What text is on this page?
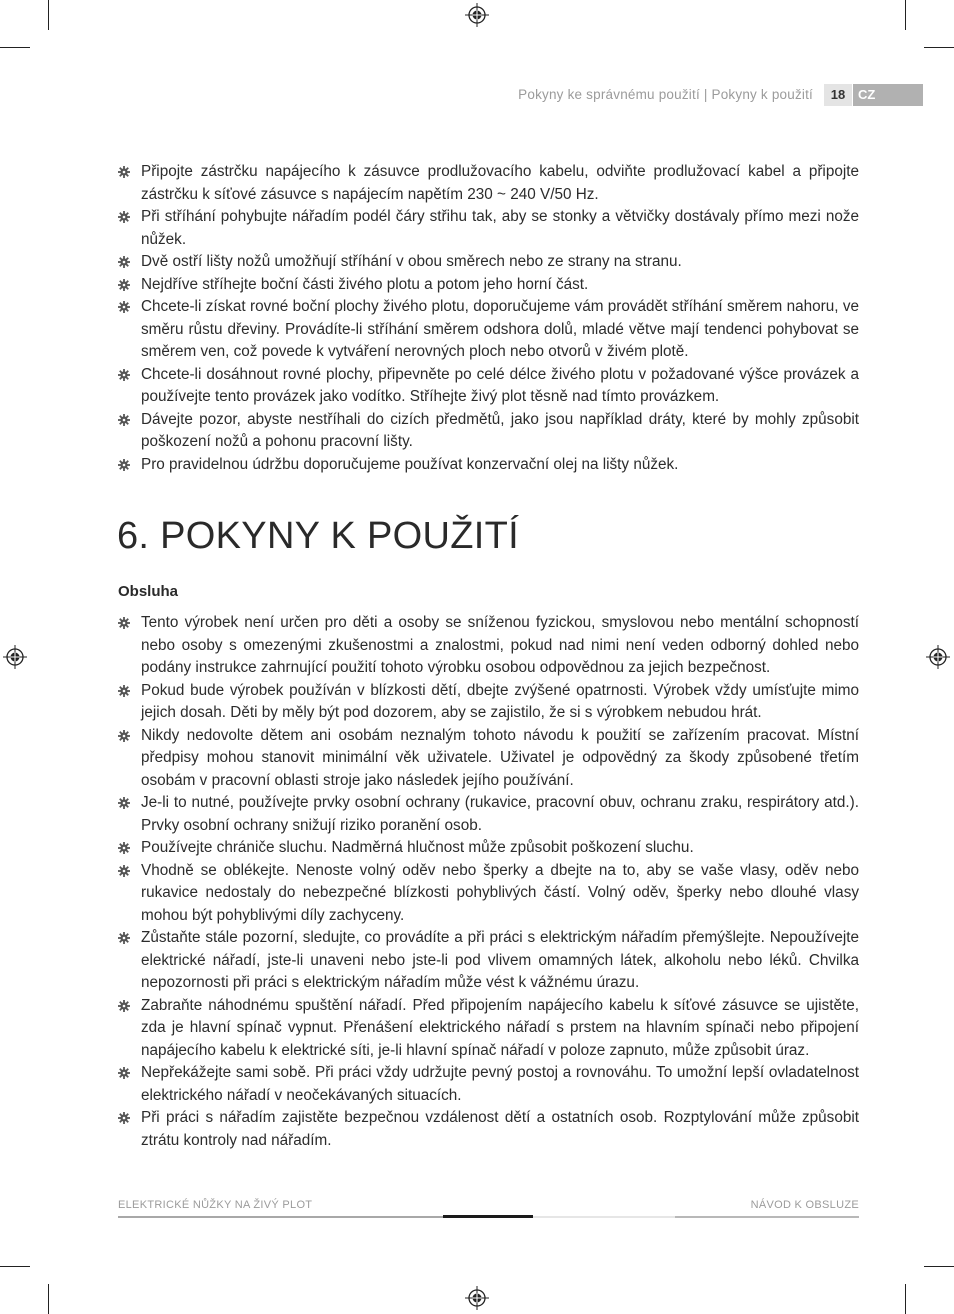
Pokyny ke správnému použití | Pokyny k použití	18 CZ
Připojte zástrčku napájecího k zásuvce prodlužovacího kabelu, odviňte prodlužovací kabel a připojte zástrčku k síťové zásuvce s napájecím napětím 230 ~ 240 V/50 Hz.
Při stříhání pohybujte nářadím podél čáry střihu tak, aby se stonky a větvičky dostávaly přímo mezi nože nůžek.
Dvě ostří lišty nožů umožňují stříhání v obou směrech nebo ze strany na stranu.
Nejdříve stříhejte boční části živého plotu a potom jeho horní část.
Chcete-li získat rovné boční plochy živého plotu, doporučujeme vám provádět stříhání směrem nahoru, ve směru růstu dřeviny. Provádíte-li stříhání směrem odshora dolů, mladé větve mají tendenci pohybovat se směrem ven, což povede k vytváření nerovných ploch nebo otvorů v živém plotě.
Chcete-li dosáhnout rovné plochy, připevněte po celé délce živého plotu v požadované výšce provázek a používejte tento provázek jako vodítko. Stříhejte živý plot těsně nad tímto provázkem.
Dávejte pozor, abyste nestříhali do cizích předmětů, jako jsou například dráty, které by mohly způsobit poškození nožů a pohonu pracovní lišty.
Pro pravidelnou údržbu doporučujeme používat konzervační olej na lišty nůžek.
6. POKYNY K POUŽITÍ
Obsluha
Tento výrobek není určen pro děti a osoby se sníženou fyzickou, smyslovou nebo mentální schopností nebo osoby s omezenými zkušenostmi a znalostmi, pokud nad nimi není veden odborný dohled nebo podány instrukce zahrnující použití tohoto výrobku osobou odpovědnou za jejich bezpečnost.
Pokud bude výrobek používán v blízkosti dětí, dbejte zvýšené opatrnosti. Výrobek vždy umísťujte mimo jejich dosah. Děti by měly být pod dozorem, aby se zajistilo, že si s výrobkem nebudou hrát.
Nikdy nedovolte dětem ani osobám neznalým tohoto návodu k použití se zařízením pracovat. Místní předpisy mohou stanovit minimální věk uživatele. Uživatel je odpovědný za škody způsobené třetím osobám v pracovní oblasti stroje jako následek jejího používání.
Je-li to nutné, používejte prvky osobní ochrany (rukavice, pracovní obuv, ochranu zraku, respirátory atd.). Prvky osobní ochrany snižují riziko poranění osob.
Používejte chrániče sluchu. Nadměrná hlučnost může způsobit poškození sluchu.
Vhodně se oblékejte. Nenoste volný oděv nebo šperky a dbejte na to, aby se vaše vlasy, oděv nebo rukavice nedostaly do nebezpečné blízkosti pohyblivých částí. Volný oděv, šperky nebo dlouhé vlasy mohou být pohyblivými díly zachyceny.
Zůstaňte stále pozorní, sledujte, co provádíte a při práci s elektrickým nářadím přemýšlejte. Nepoužívejte elektrické nářadí, jste-li unaveni nebo jste-li pod vlivem omamných látek, alkoholu nebo léků. Chvilka nepozornosti při práci s elektrickým nářadím může vést k vážnému úrazu.
Zabraňte náhodnému spuštění nářadí. Před připojením napájecího kabelu k síťové zásuvce se ujistěte, zda je hlavní spínač vypnut. Přenášení elektrického nářadí s prstem na hlavním spínači nebo připojení napájecího kabelu k elektrické síti, je-li hlavní spínač nářadí v poloze zapnuto, může způsobit úraz.
Nepřekážejte sami sobě. Při práci vždy udržujte pevný postoj a rovnováhu. To umožní lepší ovladatelnost elektrického nářadí v neočekávaných situacích.
Při práci s nářadím zajistěte bezpečnou vzdálenost dětí a ostatních osob. Rozptylování může způsobit ztrátu kontroly nad nářadím.
ELEKTRICKÉ NŮŽKY NA ŽIVÝ PLOT	NÁVOD K OBSLUZE
